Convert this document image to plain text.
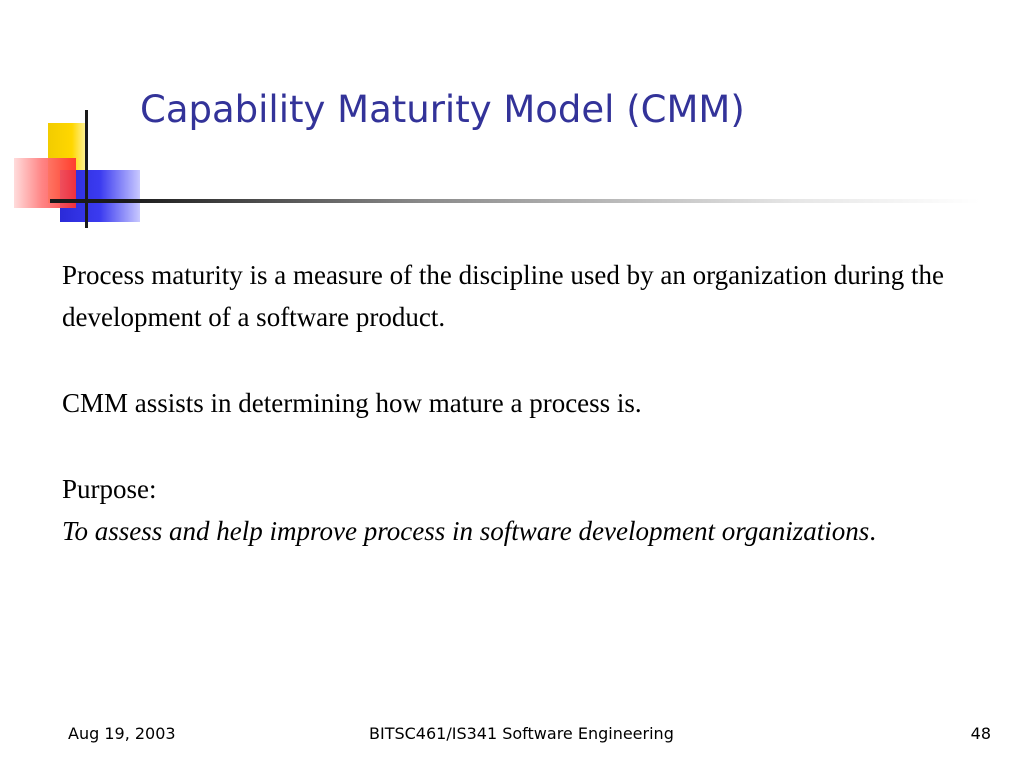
Capability Maturity Model (CMM)

Process maturity is a measure of the discipline used by an organization during the development of a software product.

CMM assists in determining how mature a process is.

Purpose:

To assess and help improve process in software development organizations.

Aug 19, 2003	BITSC461/IS341 Software Engineering	48
